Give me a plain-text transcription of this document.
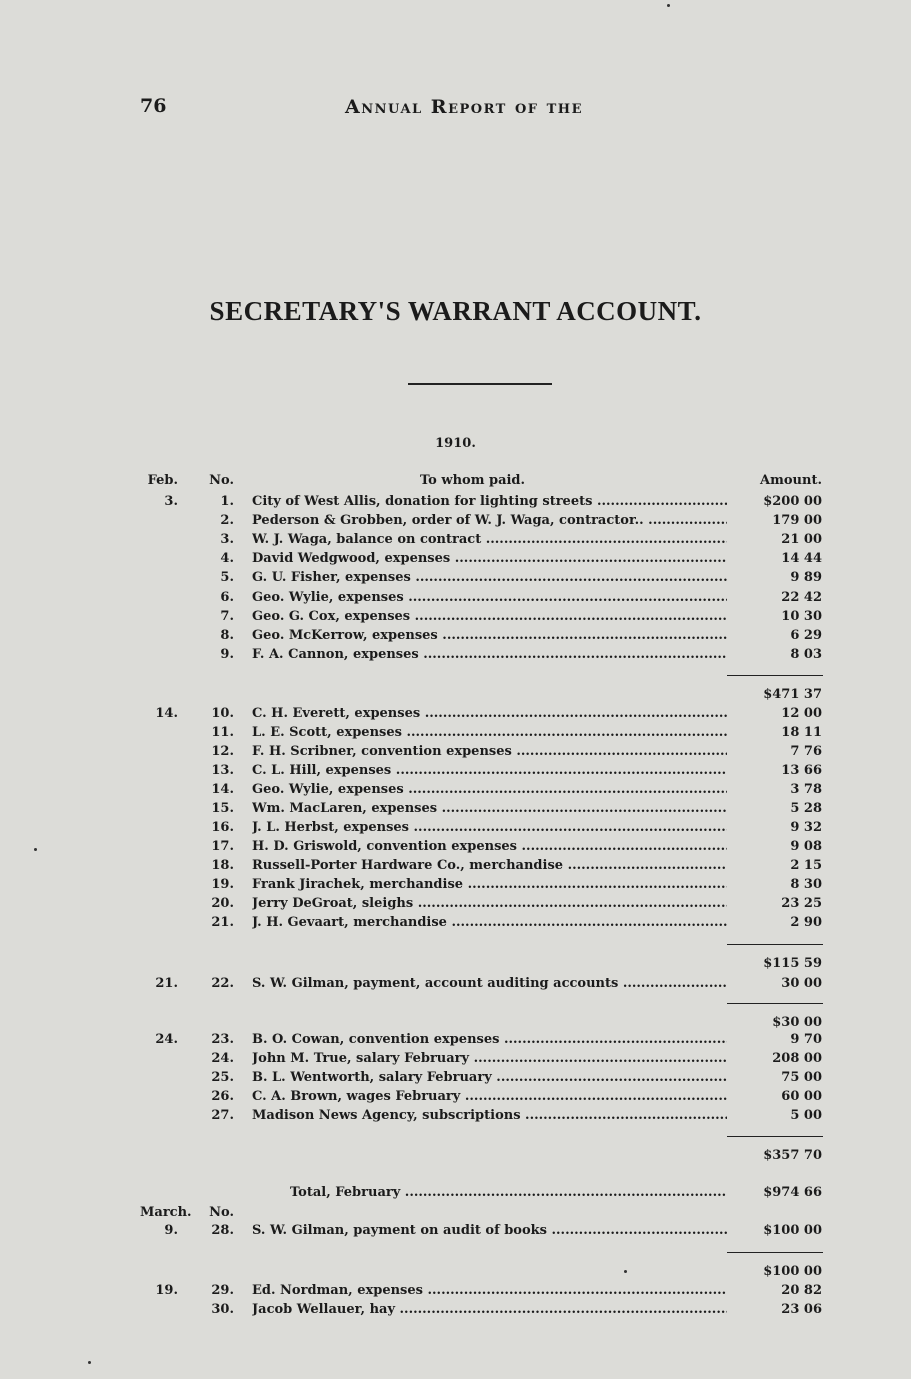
76	Annual Report of the
SECRETARY'S WARRANT ACCOUNT.
1910.
Feb.	No.	To whom paid.	Amount.
3.	1. City of West Allis, donation for lighting streets .....	$200 00
2. Pederson & Grobben, order of W. J. Waga, contractor.. .....	179 00
3. W. J. Waga, balance on contract .....	21 00
4. David Wedgwood, expenses .....	14 44
5. G. U. Fisher, expenses .....	9 89
6. Geo. Wylie, expenses .....	22 42
7. Geo. G. Cox, expenses .....	10 30
8. Geo. McKerrow, expenses .....	6 29
9. F. A. Cannon, expenses .....	8 03
$471 37
14.	10. C. H. Everett, expenses .....	12 00
11. L. E. Scott, expenses .....	18 11
12. F. H. Scribner, convention expenses .....	7 76
13. C. L. Hill, expenses .....	13 66
14. Geo. Wylie, expenses .....	3 78
15. Wm. MacLaren, expenses .....	5 28
16. J. L. Herbst, expenses .....	9 32
17. H. D. Griswold, convention expenses .....	9 08
18. Russell-Porter Hardware Co., merchandise .....	2 15
19. Frank Jirachek, merchandise .....	8 30
20. Jerry DeGroat, sleighs .....	23 25
21. J. H. Gevaart, merchandise .....	2 90
$115 59
21.	22. S. W. Gilman, payment, account auditing accounts .....	30 00
$30 00
24.	23. B. O. Cowan, convention expenses .....	9 70
24. John M. True, salary February .....	208 00
25. B. L. Wentworth, salary February .....	75 00
26. C. A. Brown, wages February .....	60 00
27. Madison News Agency, subscriptions .....	5 00
$357 70
Total, February .....	$974 66
March.	No.
9.	28. S. W. Gilman, payment on audit of books .....	$100 00
$100 00
19.	29. Ed. Nordman, expenses .....	20 82
30. Jacob Wellauer, hay .....	23 06
